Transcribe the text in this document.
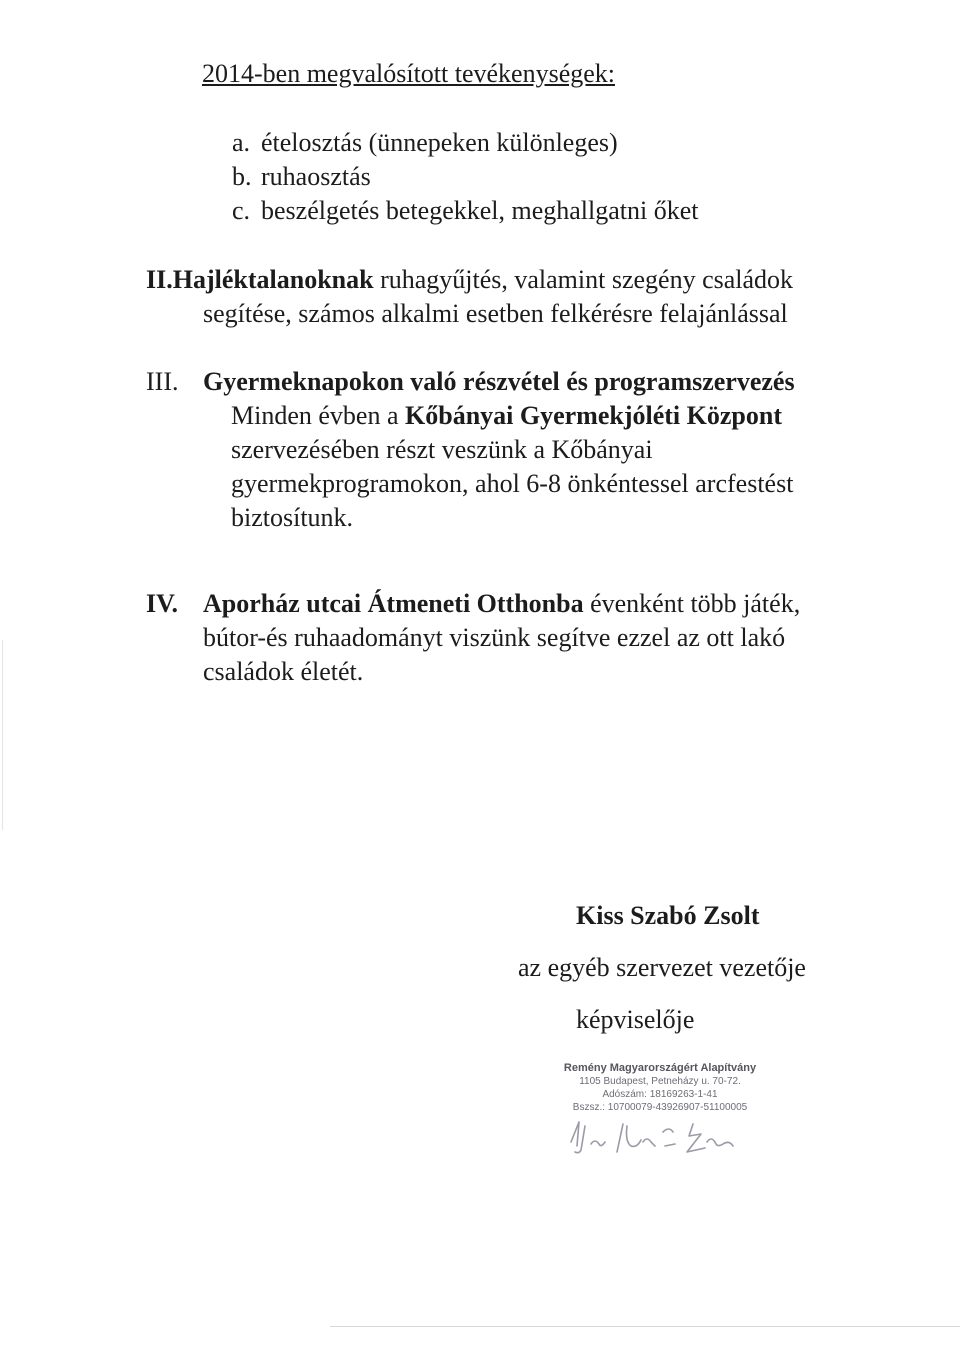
2014-ben megvalósított tevékenységek:
a. ételosztás (ünnepeken különleges)
b. ruhaosztás
c. beszélgetés betegekkel, meghallgatni őket
II.Hajléktalanoknak ruhagyűjtés, valamint szegény családok
segítése, számos alkalmi esetben felkérésre felajánlással
III. Gyermeknapokon való részvétel és programszervezés
Minden évben a Kőbányai Gyermekjóléti Központ
szervezésében részt veszünk a Kőbányai
gyermekprogramokon, ahol 6-8 önkéntessel arcfestést
biztosítunk.
IV. Aporház utcai Átmeneti Otthonba évenként több játék,
bútor-és ruhaadományt viszünk segítve ezzel az ott lakó
családok életét.
Kiss Szabó Zsolt
az egyéb szervezet vezetője
képviselője
Remény Magyarországért Alapítvány
1105 Budapest, Petneházy u. 70-72.
Adószám: 18169263-1-41
Bszsz.: 10700079-43926907-51100005
